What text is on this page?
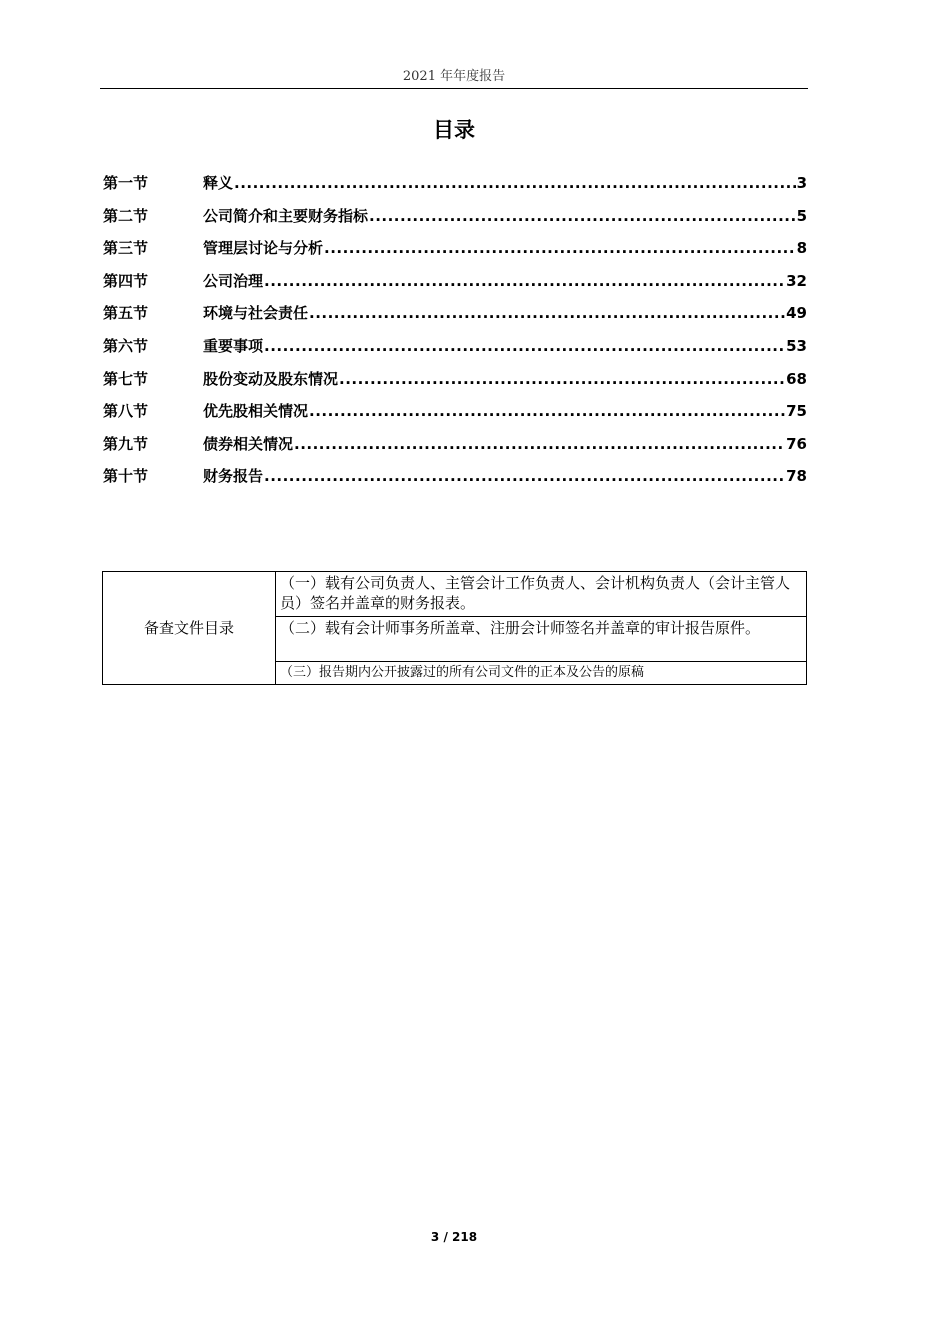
2021 年年度报告
目录
第一节	释义 .....	3
第二节	公司简介和主要财务指标 .....	5
第三节	管理层讨论与分析 .....	8
第四节	公司治理 .....	32
第五节	环境与社会责任 .....	49
第六节	重要事项 .....	53
第七节	股份变动及股东情况 .....	68
第八节	优先股相关情况 .....	75
第九节	债券相关情况 .....	76
第十节	财务报告 .....	78
备查文件目录	（一）载有公司负责人、主管会计工作负责人、会计机构负责人（会计主管人员）签名并盖章的财务报表。
（二）载有会计师事务所盖章、注册会计师签名并盖章的审计报告原件。
（三）报告期内公开披露过的所有公司文件的正本及公告的原稿
3 / 218
